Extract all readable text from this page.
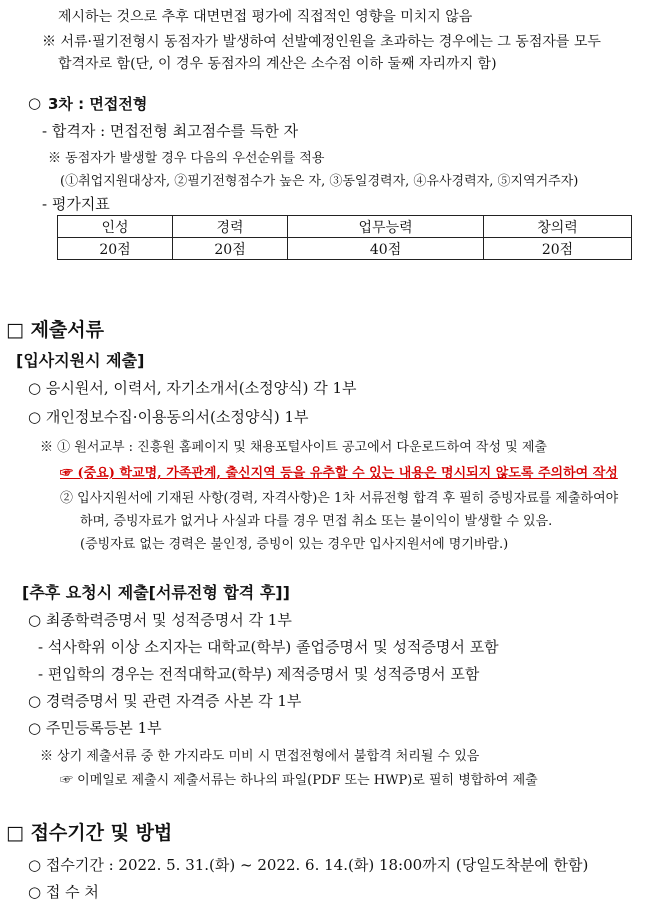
제시하는 것으로 추후 대면면접 평가에 직접적인 영향을 미치지 않음
※ 서류·필기전형시 동점자가 발생하여 선발예정인원을 초과하는 경우에는 그 동점자를 모두
합격자로 함(단, 이 경우 동점자의 계산은 소수점 이하 둘째 자리까지 함)
○ 3차 : 면접전형
- 합격자 : 면접전형 최고점수를 득한 자
※ 동점자가 발생할 경우 다음의 우선순위를 적용
(①취업지원대상자, ②필기전형점수가 높은 자, ③동일경력자, ④유사경력자, ⑤지역거주자)
- 평가지표
인성	경력	업무능력	창의력
20점	20점	40점	20점
□ 제출서류
[입사지원시 제출]
○ 응시원서, 이력서, 자기소개서(소정양식) 각 1부
○ 개인정보수집·이용동의서(소정양식) 1부
※ ① 원서교부 : 진흥원 홈페이지 및 채용포털사이트 공고에서 다운로드하여 작성 및 제출
☞ (중요) 학교명, 가족관계, 출신지역 등을 유추할 수 있는 내용은 명시되지 않도록 주의하여 작성
② 입사지원서에 기재된 사항(경력, 자격사항)은 1차 서류전형 합격 후 필히 증빙자료를 제출하여야
하며, 증빙자료가 없거나 사실과 다를 경우 면접 취소 또는 불이익이 발생할 수 있음.
(증빙자료 없는 경력은 불인정, 증빙이 있는 경우만 입사지원서에 명기바람.)
[추후 요청시 제출[서류전형 합격 후]]
○ 최종학력증명서 및 성적증명서 각 1부
- 석사학위 이상 소지자는 대학교(학부) 졸업증명서 및 성적증명서 포함
- 편입학의 경우는 전적대학교(학부) 제적증명서 및 성적증명서 포함
○ 경력증명서 및 관련 자격증 사본 각 1부
○ 주민등록등본 1부
※ 상기 제출서류 중 한 가지라도 미비 시 면접전형에서 불합격 처리될 수 있음
☞ 이메일로 제출시 제출서류는 하나의 파일(PDF 또는 HWP)로 필히 병합하여 제출
□ 접수기간 및 방법
○ 접수기간 : 2022. 5. 31.(화) ~ 2022. 6. 14.(화) 18:00까지 (당일도착분에 한함)
○ 접 수 처
